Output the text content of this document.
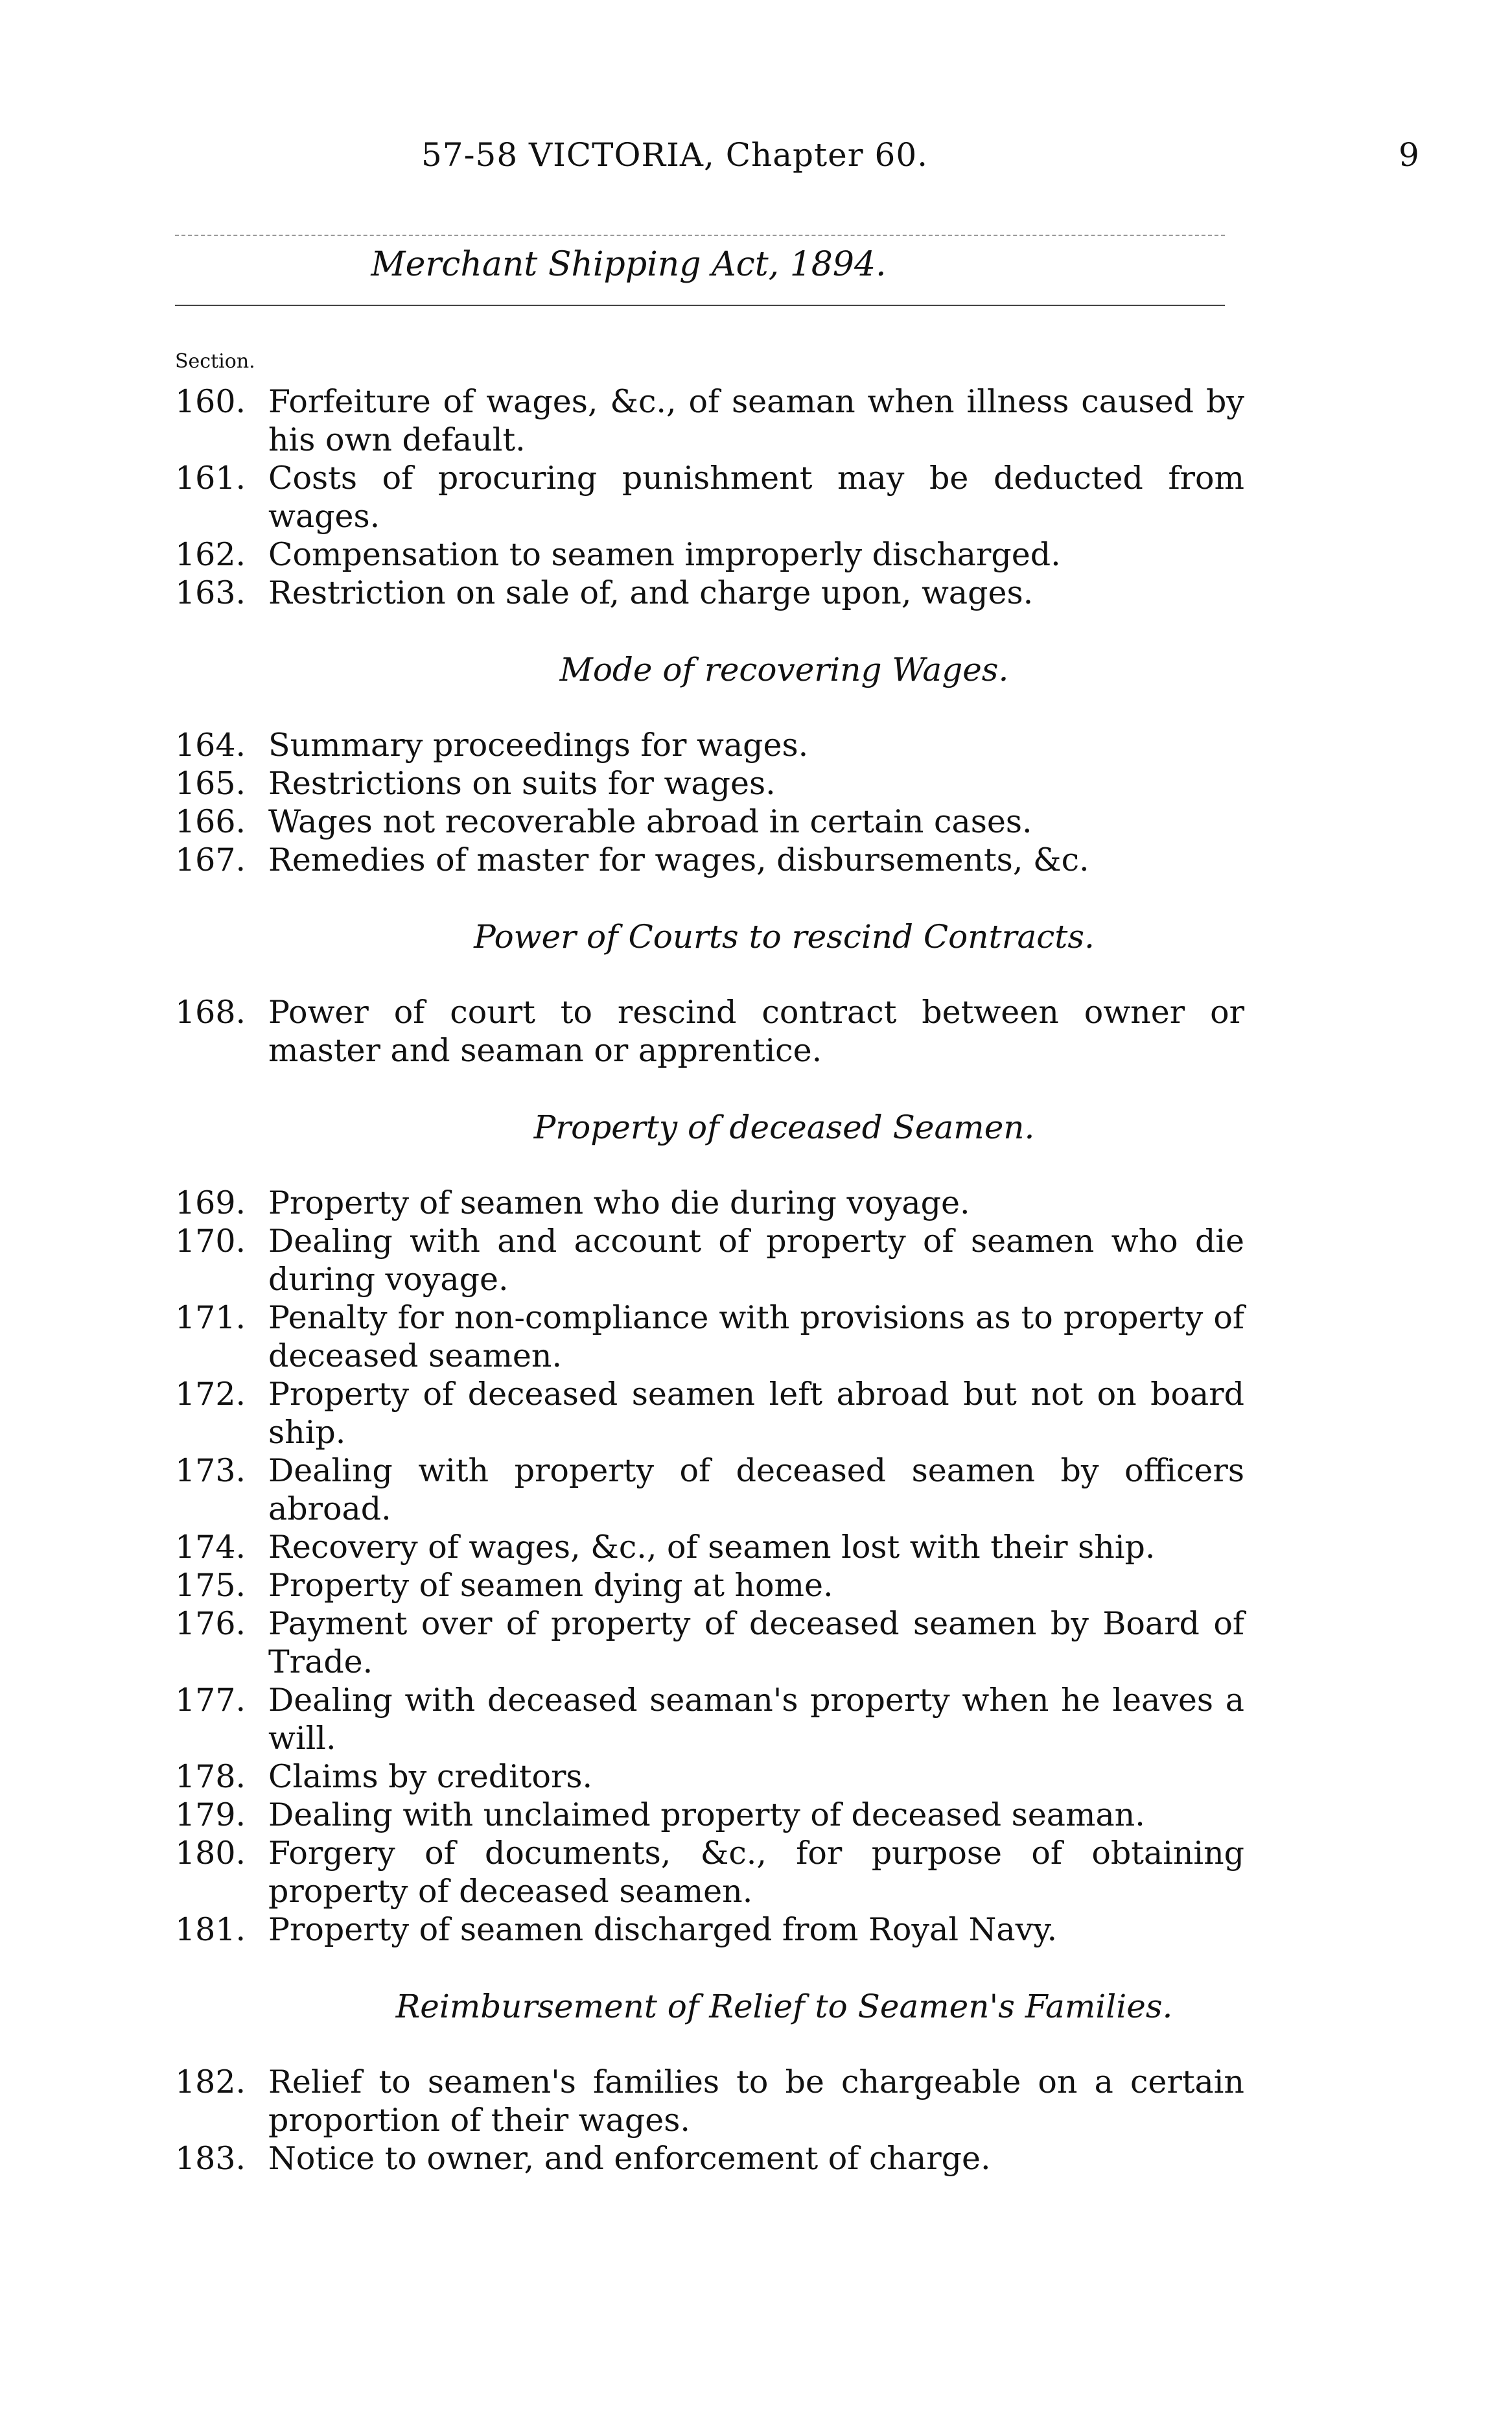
57-58 VICTORIA, Chapter 60.	9
Merchant Shipping Act, 1894.
Section.
160. Forfeiture of wages, &c., of seaman when illness caused by his own default.
161. Costs of procuring punishment may be deducted from wages.
162. Compensation to seamen improperly discharged.
163. Restriction on sale of, and charge upon, wages.
Mode of recovering Wages.
164. Summary proceedings for wages.
165. Restrictions on suits for wages.
166. Wages not recoverable abroad in certain cases.
167. Remedies of master for wages, disbursements, &c.
Power of Courts to rescind Contracts.
168. Power of court to rescind contract between owner or master and seaman or apprentice.
Property of deceased Seamen.
169. Property of seamen who die during voyage.
170. Dealing with and account of property of seamen who die during voyage.
171. Penalty for non-compliance with provisions as to property of deceased seamen.
172. Property of deceased seamen left abroad but not on board ship.
173. Dealing with property of deceased seamen by officers abroad.
174. Recovery of wages, &c., of seamen lost with their ship.
175. Property of seamen dying at home.
176. Payment over of property of deceased seamen by Board of Trade.
177. Dealing with deceased seaman's property when he leaves a will.
178. Claims by creditors.
179. Dealing with unclaimed property of deceased seaman.
180. Forgery of documents, &c., for purpose of obtaining property of deceased seamen.
181. Property of seamen discharged from Royal Navy.
Reimbursement of Relief to Seamen's Families.
182. Relief to seamen's families to be chargeable on a certain proportion of their wages.
183. Notice to owner, and enforcement of charge.
